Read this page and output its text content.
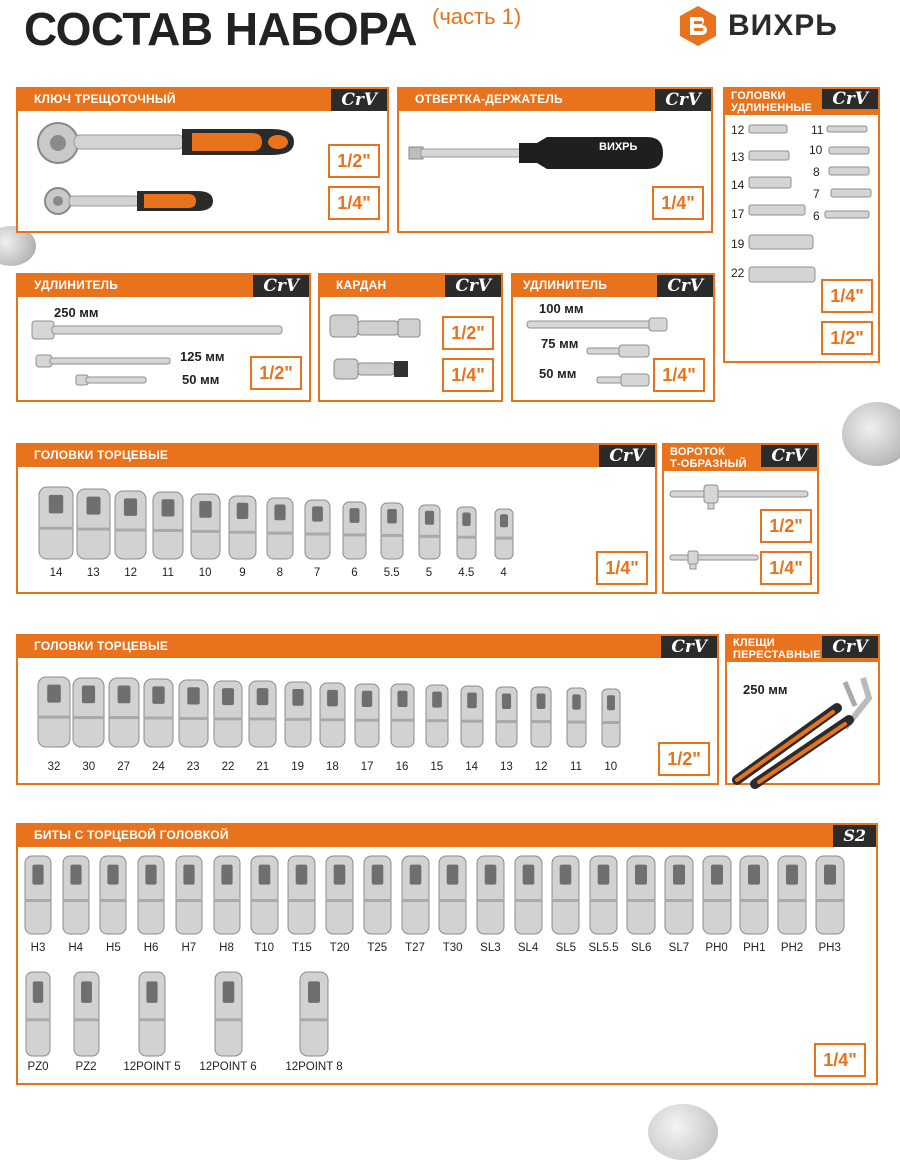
СОСТАВ НАБОРА (часть 1)	ВИХРЬ
КЛЮЧ ТРЕЩОТОЧНЫЙ	CrV
1/2"
1/4"
ОТВЕРТКА-ДЕРЖАТЕЛЬ	CrV
ВИХРЬ
1/4"
ГОЛОВКИ
УДЛИНЕННЫЕ	CrV
12
13
14
17
19
22
11
10
8
7
6
1/4"
1/2"
УДЛИНИТЕЛЬ	CrV
250 мм
125 мм
50 мм	1/2"
КАРДАН	CrV
1/2"
1/4"
УДЛИНИТЕЛЬ	CrV
100 мм
75 мм
50 мм	1/4"
ГОЛОВКИ ТОРЦЕВЫЕ	CrV
14	13	12	11	10	9	8	7	6	5.5	5	4.5	4	1/4"
ВОРОТОК
Т-ОБРАЗНЫЙ	CrV
1/2"
1/4"
ГОЛОВКИ ТОРЦЕВЫЕ	CrV
32	30	27	24	23	22	21	19	18	17	16	15	14	13	12	11	10	1/2"
КЛЕЩИ
ПЕРЕСТАВНЫЕ CrV
250 мм
БИТЫ С ТОРЦЕВОЙ ГОЛОВКОЙ	S2
H3	H4	H5	H6	H7	H8	T10	T15	T20	T25	T27	T30	SL3	SL4	SL5	SL5.5	SL6	SL7	PH0	PH1	PH2	PH3
PZ0	PZ2	12POINT 5	12POINT 6	12POINT 8	1/4"
